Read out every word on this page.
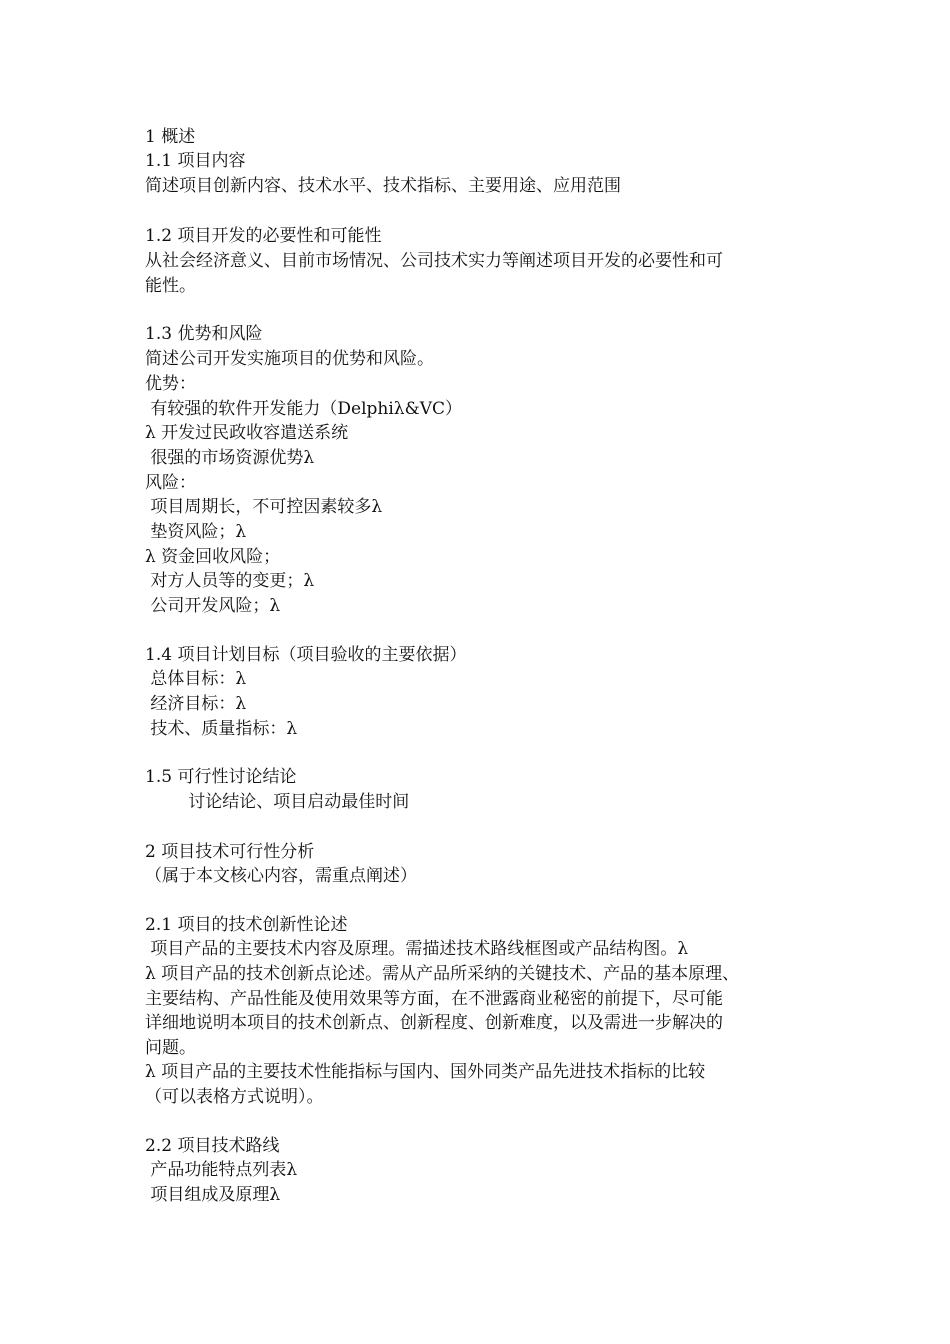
1 概述
1.1 项目内容
简述项目创新内容、技术水平、技术指标、主要用途、应用范围
1.2 项目开发的必要性和可能性
从社会经济意义、目前市场情况、公司技术实力等阐述项目开发的必要性和可
能性。
1.3 优势和风险
简述公司开发实施项目的优势和风险。
优势：
有较强的软件开发能力（Delphiλ&VC）
λ 开发过民政收容遣送系统
很强的市场资源优势λ
风险：
项目周期长，不可控因素较多λ
垫资风险；λ
λ 资金回收风险；
对方人员等的变更；λ
公司开发风险；λ
1.4 项目计划目标（项目验收的主要依据）
总体目标：λ
经济目标：λ
技术、质量指标：λ
1.5 可行性讨论结论
讨论结论、项目启动最佳时间
2 项目技术可行性分析
（属于本文核心内容，需重点阐述）
2.1 项目的技术创新性论述
项目产品的主要技术内容及原理。需描述技术路线框图或产品结构图。λ
λ 项目产品的技术创新点论述。需从产品所采纳的关键技术、产品的基本原理、
主要结构、产品性能及使用效果等方面，在不泄露商业秘密的前提下，尽可能
详细地说明本项目的技术创新点、创新程度、创新难度，以及需进一步解决的
问题。
λ 项目产品的主要技术性能指标与国内、国外同类产品先进技术指标的比较
（可以表格方式说明）。
2.2 项目技术路线
产品功能特点列表λ
项目组成及原理λ
